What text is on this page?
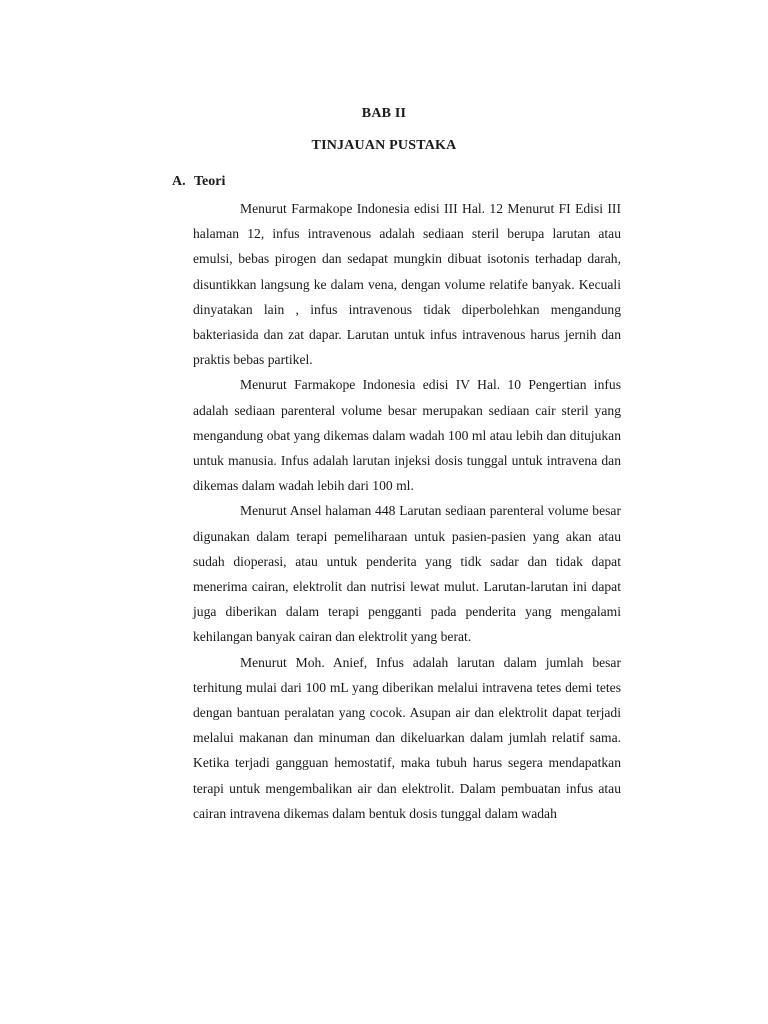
BAB II
TINJAUAN PUSTAKA
A. Teori

Menurut Farmakope Indonesia edisi III Hal. 12 Menurut FI Edisi III halaman 12, infus intravenous adalah sediaan steril berupa larutan atau emulsi, bebas pirogen dan sedapat mungkin dibuat isotonis terhadap darah, disuntikkan langsung ke dalam vena, dengan volume relatife banyak. Kecuali dinyatakan lain , infus intravenous tidak diperbolehkan mengandung bakteriasida dan zat dapar. Larutan untuk infus intravenous harus jernih dan praktis bebas partikel.

Menurut Farmakope Indonesia edisi IV Hal. 10 Pengertian infus adalah sediaan parenteral volume besar merupakan sediaan cair steril yang mengandung obat yang dikemas dalam wadah 100 ml atau lebih dan ditujukan untuk manusia. Infus adalah larutan injeksi dosis tunggal untuk intravena dan dikemas dalam wadah lebih dari 100 ml.

Menurut Ansel halaman 448 Larutan sediaan parenteral volume besar digunakan dalam terapi pemeliharaan untuk pasien-pasien yang akan atau sudah dioperasi, atau untuk penderita yang tidk sadar dan tidak dapat menerima cairan, elektrolit dan nutrisi lewat mulut. Larutan-larutan ini dapat juga diberikan dalam terapi pengganti pada penderita yang mengalami kehilangan banyak cairan dan elektrolit yang berat.

Menurut Moh. Anief, Infus adalah larutan dalam jumlah besar terhitung mulai dari 100 mL yang diberikan melalui intravena tetes demi tetes dengan bantuan peralatan yang cocok. Asupan air dan elektrolit dapat terjadi melalui makanan dan minuman dan dikeluarkan dalam jumlah relatif sama. Ketika terjadi gangguan hemostatif, maka tubuh harus segera mendapatkan terapi untuk mengembalikan air dan elektrolit. Dalam pembuatan infus atau cairan intravena dikemas dalam bentuk dosis tunggal dalam wadah
